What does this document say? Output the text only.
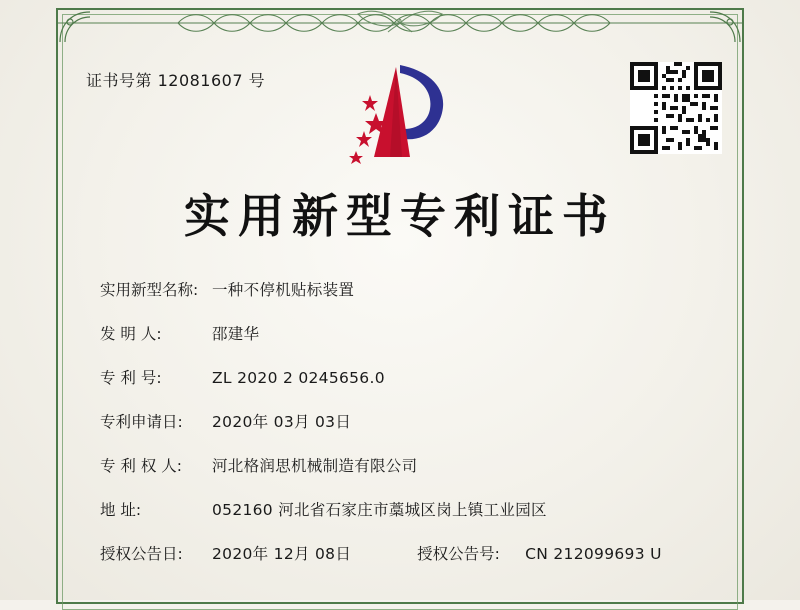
证书号第 12081607 号
实用新型专利证书
实用新型名称: 一种不停机贴标装置
发 明 人:	邵建华
专 利 号:	ZL 2020 2 0245656.0
专利申请日:	2020年 03月 03日
专 利 权 人:	河北格润思机械制造有限公司
地 址:	052160 河北省石家庄市藁城区岗上镇工业园区
授权公告日:	2020年 12月 08日	授权公告号:	CN 212099693 U
